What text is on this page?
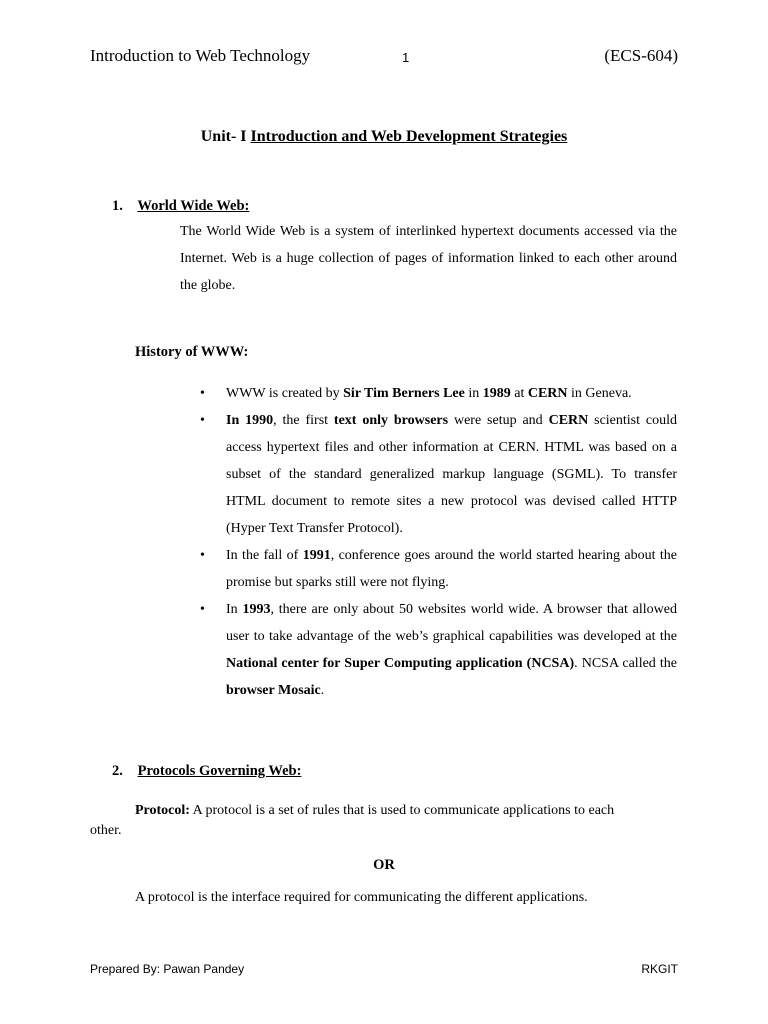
Introduction to Web Technology	1	(ECS-604)
Unit- I Introduction and Web Development Strategies
1. World Wide Web:

The World Wide Web is a system of interlinked hypertext documents accessed via the Internet. Web is a huge collection of pages of information linked to each other around the globe.

History of WWW:
• WWW is created by Sir Tim Berners Lee in 1989 at CERN in Geneva.
• In 1990, the first text only browsers were setup and CERN scientist could access hypertext files and other information at CERN. HTML was based on a subset of the standard generalized markup language (SGML). To transfer HTML document to remote sites a new protocol was devised called HTTP (Hyper Text Transfer Protocol).
• In the fall of 1991, conference goes around the world started hearing about the promise but sparks still were not flying.
• In 1993, there are only about 50 websites world wide. A browser that allowed user to take advantage of the web’s graphical capabilities was developed at the National center for Super Computing application (NCSA). NCSA called the browser Mosaic.
2. Protocols Governing Web:
Protocol: A protocol is a set of rules that is used to communicate applications to each
other.
OR
A protocol is the interface required for communicating the different applications.
Prepared By: Pawan Pandey	RKGIT
